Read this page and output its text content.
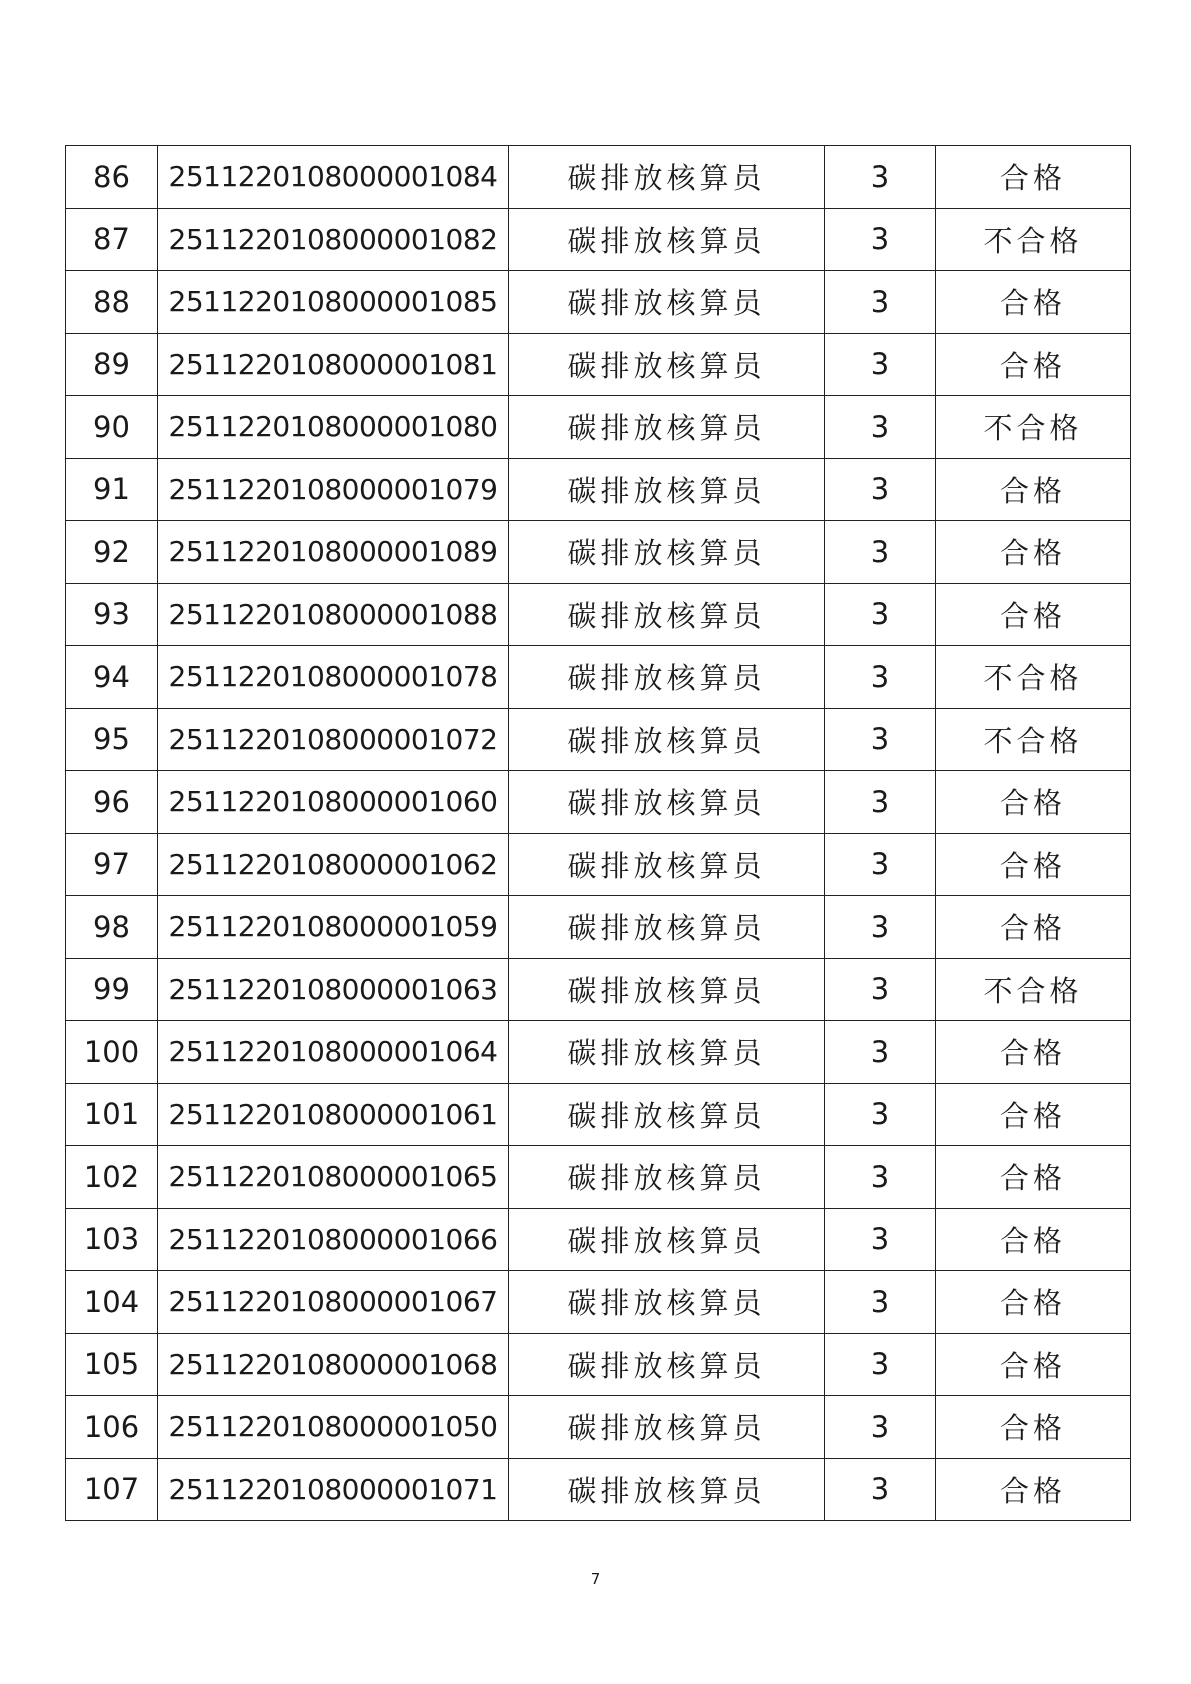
86	2511220108000001084	碳排放核算员	3	合格
87	2511220108000001082	碳排放核算员	3	不合格
88	2511220108000001085	碳排放核算员	3	合格
89	2511220108000001081	碳排放核算员	3	合格
90	2511220108000001080	碳排放核算员	3	不合格
91	2511220108000001079	碳排放核算员	3	合格
92	2511220108000001089	碳排放核算员	3	合格
93	2511220108000001088	碳排放核算员	3	合格
94	2511220108000001078	碳排放核算员	3	不合格
95	2511220108000001072	碳排放核算员	3	不合格
96	2511220108000001060	碳排放核算员	3	合格
97	2511220108000001062	碳排放核算员	3	合格
98	2511220108000001059	碳排放核算员	3	合格
99	2511220108000001063	碳排放核算员	3	不合格
100	2511220108000001064	碳排放核算员	3	合格
101	2511220108000001061	碳排放核算员	3	合格
102	2511220108000001065	碳排放核算员	3	合格
103	2511220108000001066	碳排放核算员	3	合格
104	2511220108000001067	碳排放核算员	3	合格
105	2511220108000001068	碳排放核算员	3	合格
106	2511220108000001050	碳排放核算员	3	合格
107	2511220108000001071	碳排放核算员	3	合格
7
